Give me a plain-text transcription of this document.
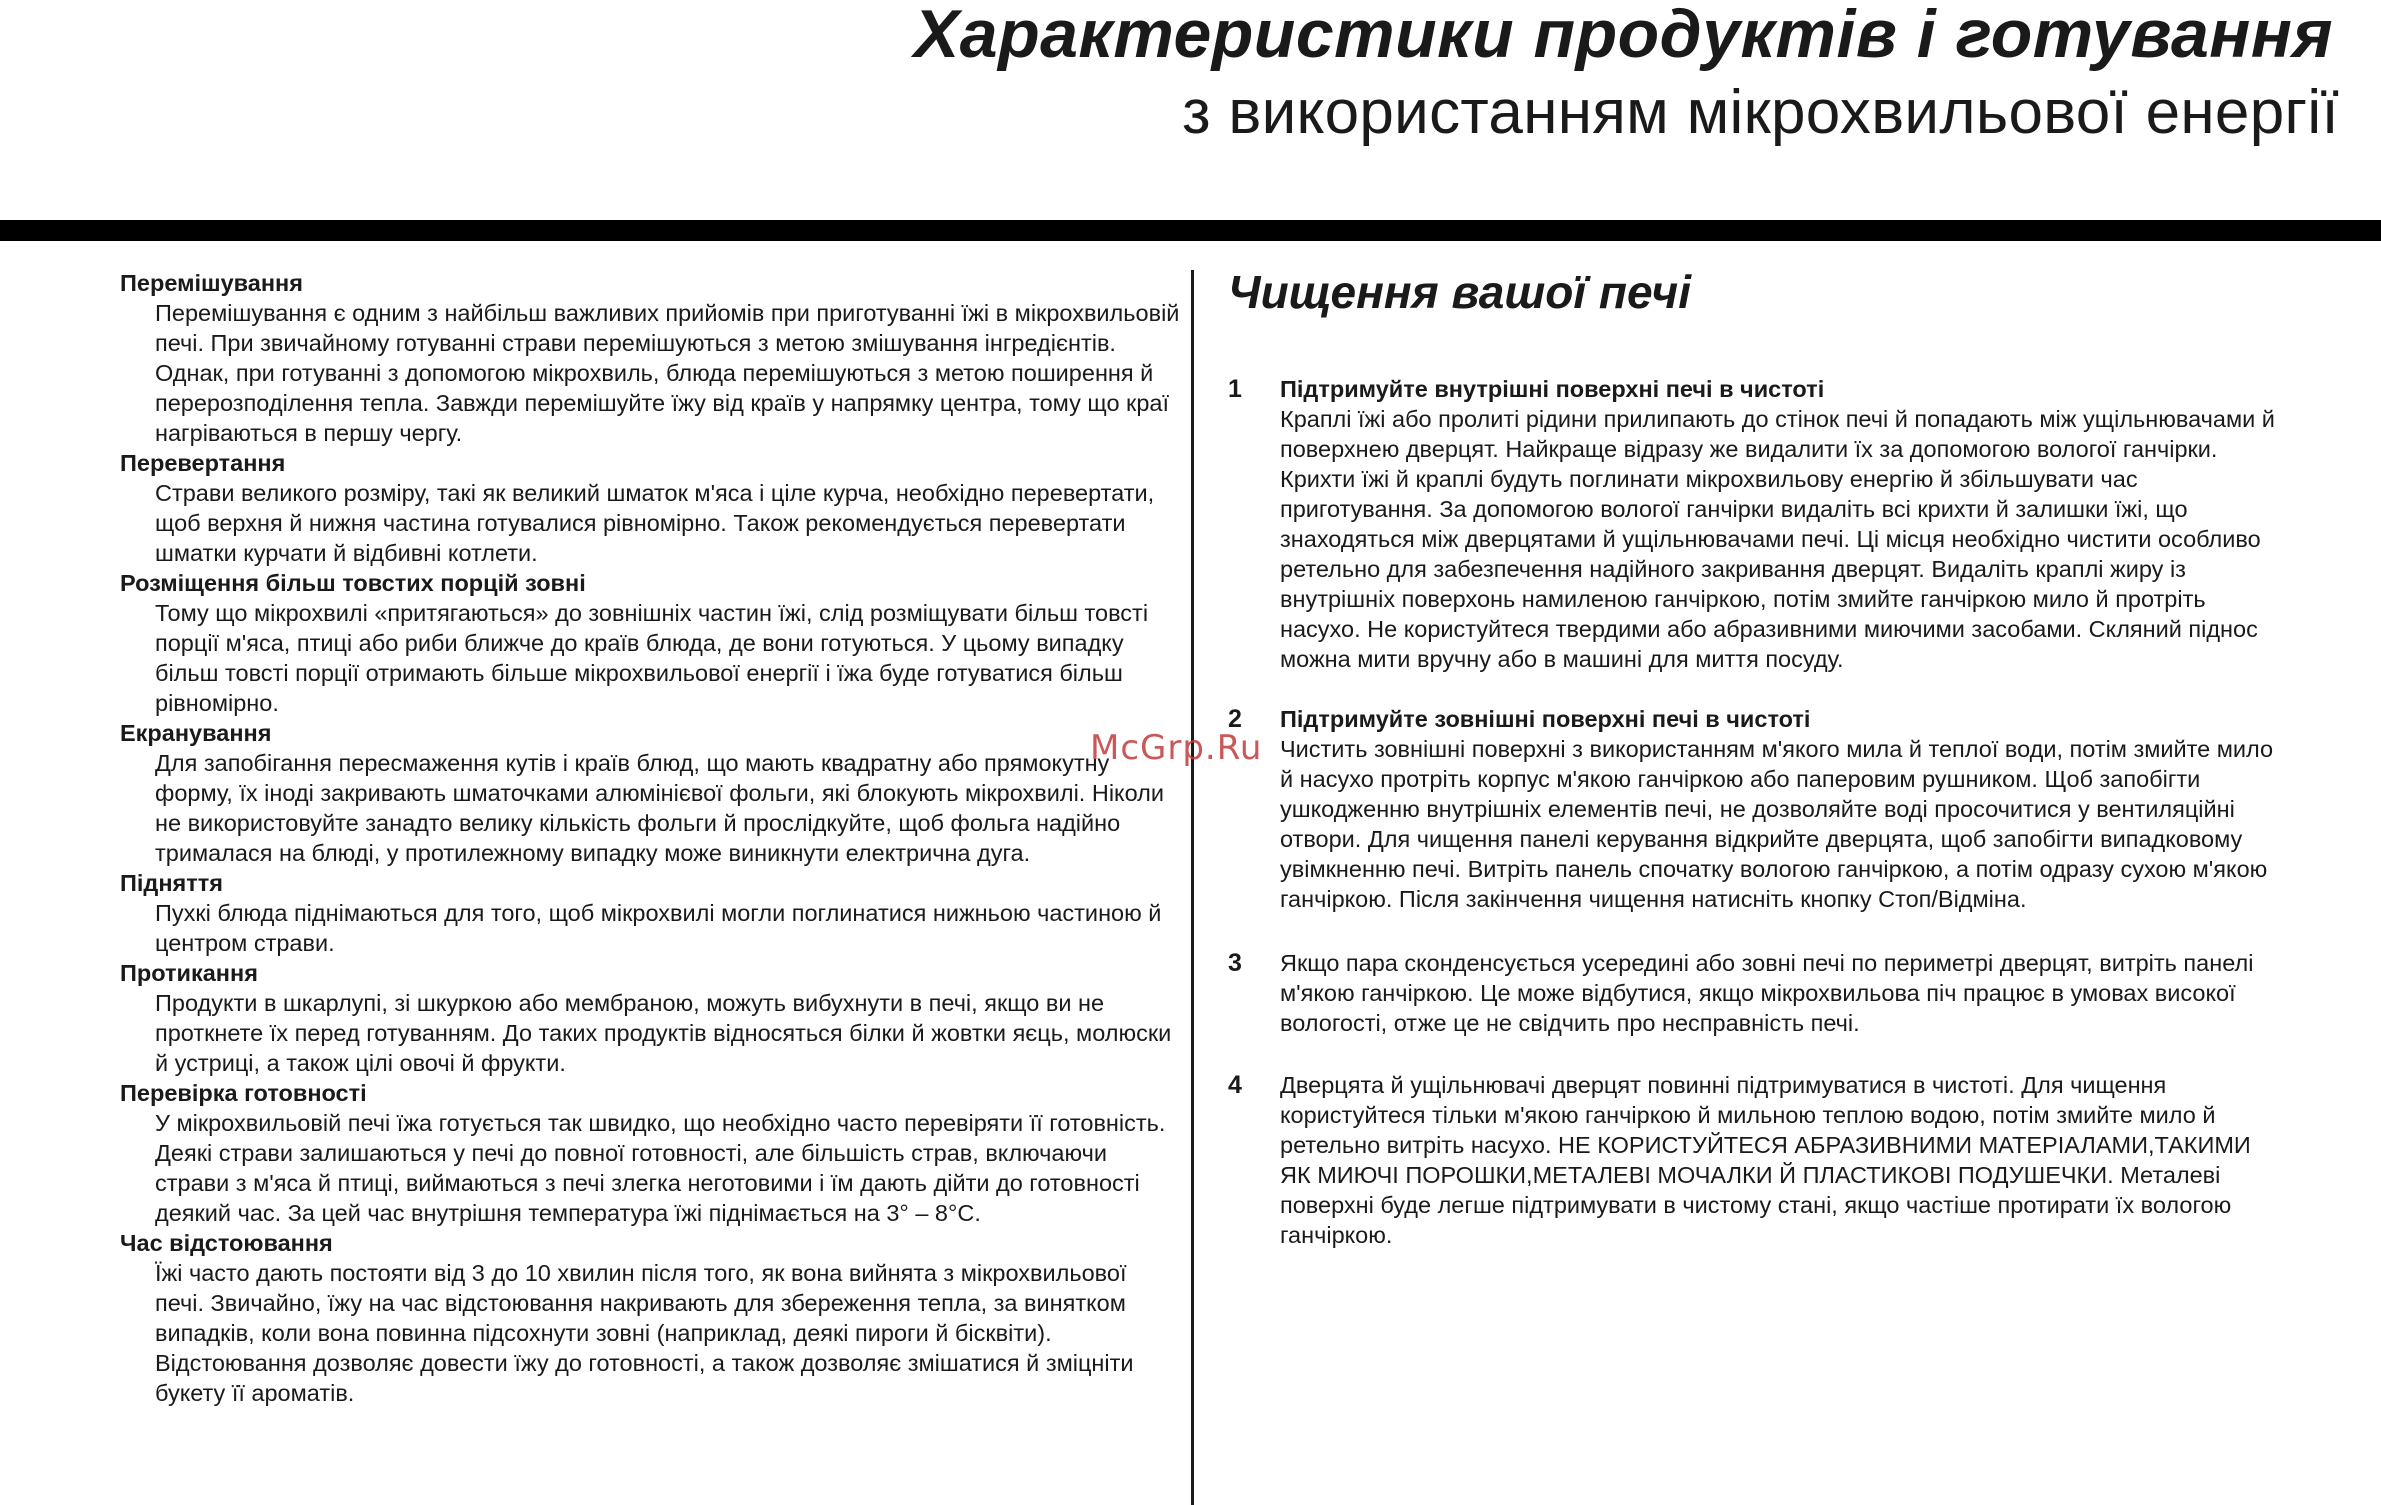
Характеристики продуктів і готування
з використанням мікрохвильової енергії

Перемішування

Перемішування є одним з найбільш важливих прийомів при приготуванні їжі в мікрохвильовій печі. При звичайному готуванні страви перемішуються з метою змішування інгредієнтів. Однак, при готуванні з допомогою мікрохвиль, блюда перемішуються з метою поширення й перерозподілення тепла. Завжди перемішуйте їжу від країв у напрямку центра, тому що краї нагріваються в першу чергу.

Перевертання

Страви великого розміру, такі як великий шматок м'яса і ціле курча, необхідно перевертати, щоб верхня й нижня частина готувалися рівномірно. Також рекомендується перевертати шматки курчати й відбивні котлети.

Розміщення більш товстих порцій зовні

Тому що мікрохвилі «притягаються» до зовнішніх частин їжі, слід розміщувати більш товсті порції м'яса, птиці або риби ближче до країв блюда, де вони готуються. У цьому випадку більш товсті порції отримають більше мікрохвильової енергії і їжа буде готуватися більш рівномірно.

Екранування

Для запобігання пересмаження кутів і країв блюд, що мають квадратну або прямокутну форму, їх іноді закривають шматочками алюмінієвої фольги, які блокують мікрохвилі. Ніколи не використовуйте занадто велику кількість фольги й прослідкуйте, щоб фольга надійно трималася на блюді, у протилежному випадку може виникнути електрична дуга.

Підняття

Пухкі блюда піднімаються для того, щоб мікрохвилі могли поглинатися нижньою частиною й центром страви.

Протикання

Продукти в шкарлупі, зі шкуркою або мембраною, можуть вибухнути в печі, якщо ви не проткнете їх перед готуванням. До таких продуктів відносяться білки й жовтки яєць, молюски й устриці, а також цілі овочі й фрукти.

Перевірка готовності

У мікрохвильовій печі їжа готується так швидко, що необхідно часто перевіряти її готовність. Деякі страви залишаються у печі до повної готовності, але більшість страв, включаючи страви з м'яса й птиці, виймаються з печі злегка неготовими і їм дають дійти до готовності деякий час. За цей час внутрішня температура їжі піднімається на 3° – 8°C.

Час відстоювання

Їжі часто дають постояти від 3 до 10 хвилин після того, як вона вийнята з мікрохвильової печі. Звичайно, їжу на час відстоювання накривають для збереження тепла, за винятком випадків, коли вона повинна підсохнути зовні (наприклад, деякі пироги й бісквіти). Відстоювання дозволяє довести їжу до готовності, а також дозволяє змішатися й змiцнiти букету її ароматів.

Чищення вашої печі
1 Підтримуйте внутрішні поверхні печі в чистоті

Краплі їжі або пролиті рідини прилипають до стінок печі й попадають між ущільнювачами й поверхнею дверцят. Найкраще відразу же видалити їх за допомогою вологої ганчірки. Крихти їжі й краплі будуть поглинати мікрохвильову енергію й збільшувати час приготування. За допомогою вологої ганчірки видаліть всі крихти й залишки їжі, що знаходяться між дверцятами й ущільнювачами печі. Ці місця необхідно чистити особливо ретельно для забезпечення надійного закривання дверцят. Видаліть краплі жиру із внутрішніх поверхонь намиленою ганчіркою, потім змийте ганчіркою мило й протріть насухо. Не користуйтеся твердими або абразивними миючими засобами. Скляний піднос можна мити вручну або в машині для миття посуду.

2 Підтримуйте зовнішні поверхні печі в чистоті

Чистить зовнішні поверхні з використанням м'якого мила й теплої води, потім змийте мило й насухо протріть корпус м'якою ганчіркою або паперовим рушником. Щоб запобігти ушкодженню внутрішніх елементів печі, не дозволяйте воді просочитися у вентиляційні отвори. Для чищення панелі керування відкрийте дверцята, щоб запобігти випадковому увімкненню печі. Витріть панель спочатку вологою ганчіркою, а потім одразу сухою м'якою ганчіркою. Після закінчення чищення натисніть кнопку Стоп/Відміна.

3 Якщо пара сконденсується усередині або зовні печі по периметрі дверцят, витріть панелі м'якою ганчіркою. Це може відбутися, якщо мікрохвильова піч працює в умовах високої вологості, отже це не свідчить про несправність печі.

4 Дверцята й ущільнювачі дверцят повинні підтримуватися в чистоті. Для чищення користуйтеся тільки м'якою ганчіркою й мильною теплою водою, потім змийте мило й ретельно витріть насухо. НЕ КОРИСТУЙТЕСЯ АБРАЗИВНИМИ МАТЕРІАЛАМИ,ТАКИМИ ЯК МИЮЧІ ПОРОШКИ,МЕТАЛЕВІ МОЧАЛКИ Й ПЛАСТИКОВІ ПОДУШЕЧКИ. Металеві поверхні буде легше підтримувати в чистому стані, якщо частіше протирати їх вологою ганчіркою.

McGrp.Ru
